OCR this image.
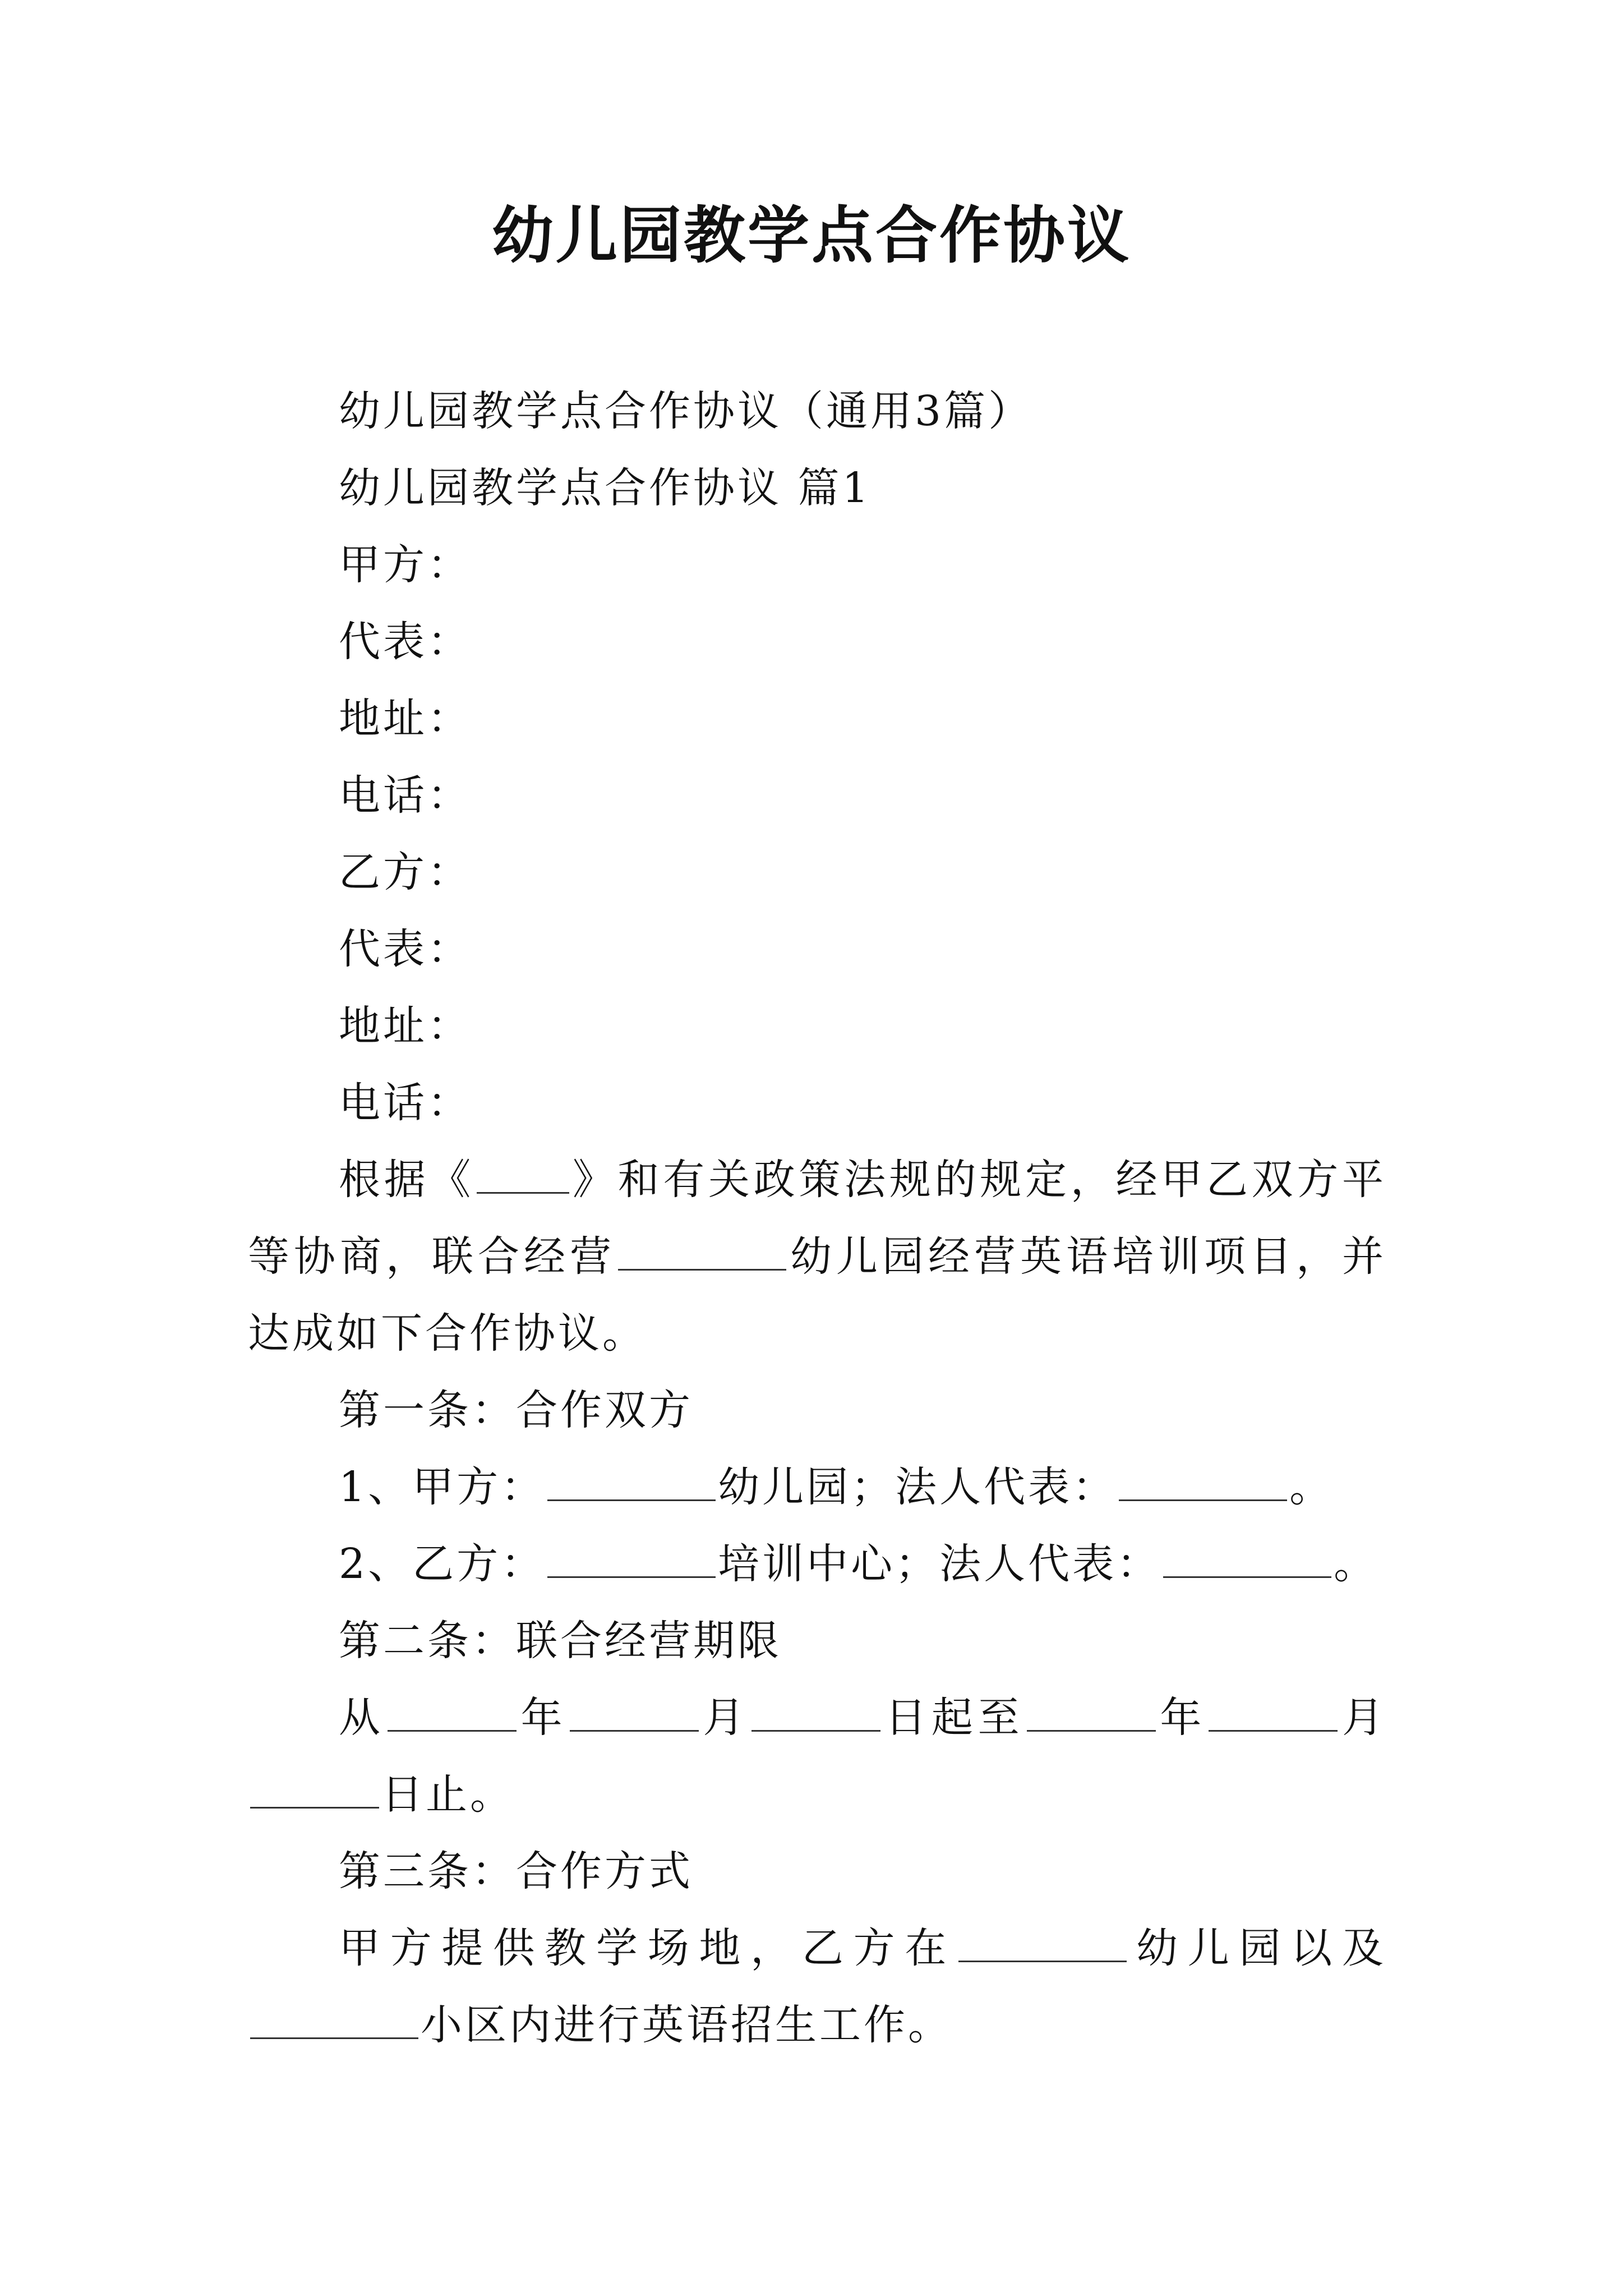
幼儿园教学点合作协议

幼儿园教学点合作协议（通用3篇）

幼儿园教学点合作协议 篇1

甲方：

代表：

地址：

电话：

乙方：

代表：

地址：

电话：

根据《 》和有关政策法规的规定，经甲乙双方平等协商，联合经营	幼儿园经营英语培训项目，并达成如下合作协议。

第一条：合作双方

1、甲方：	幼儿园；法人代表：	。

2、乙方：	培训中心；法人代表：	。

第二条：联合经营期限

从	年	月	日起至	年	月 日止。

第三条：合作方式

甲方提供教学场地，乙方在	幼儿园以及 小区内进行英语招生工作。
